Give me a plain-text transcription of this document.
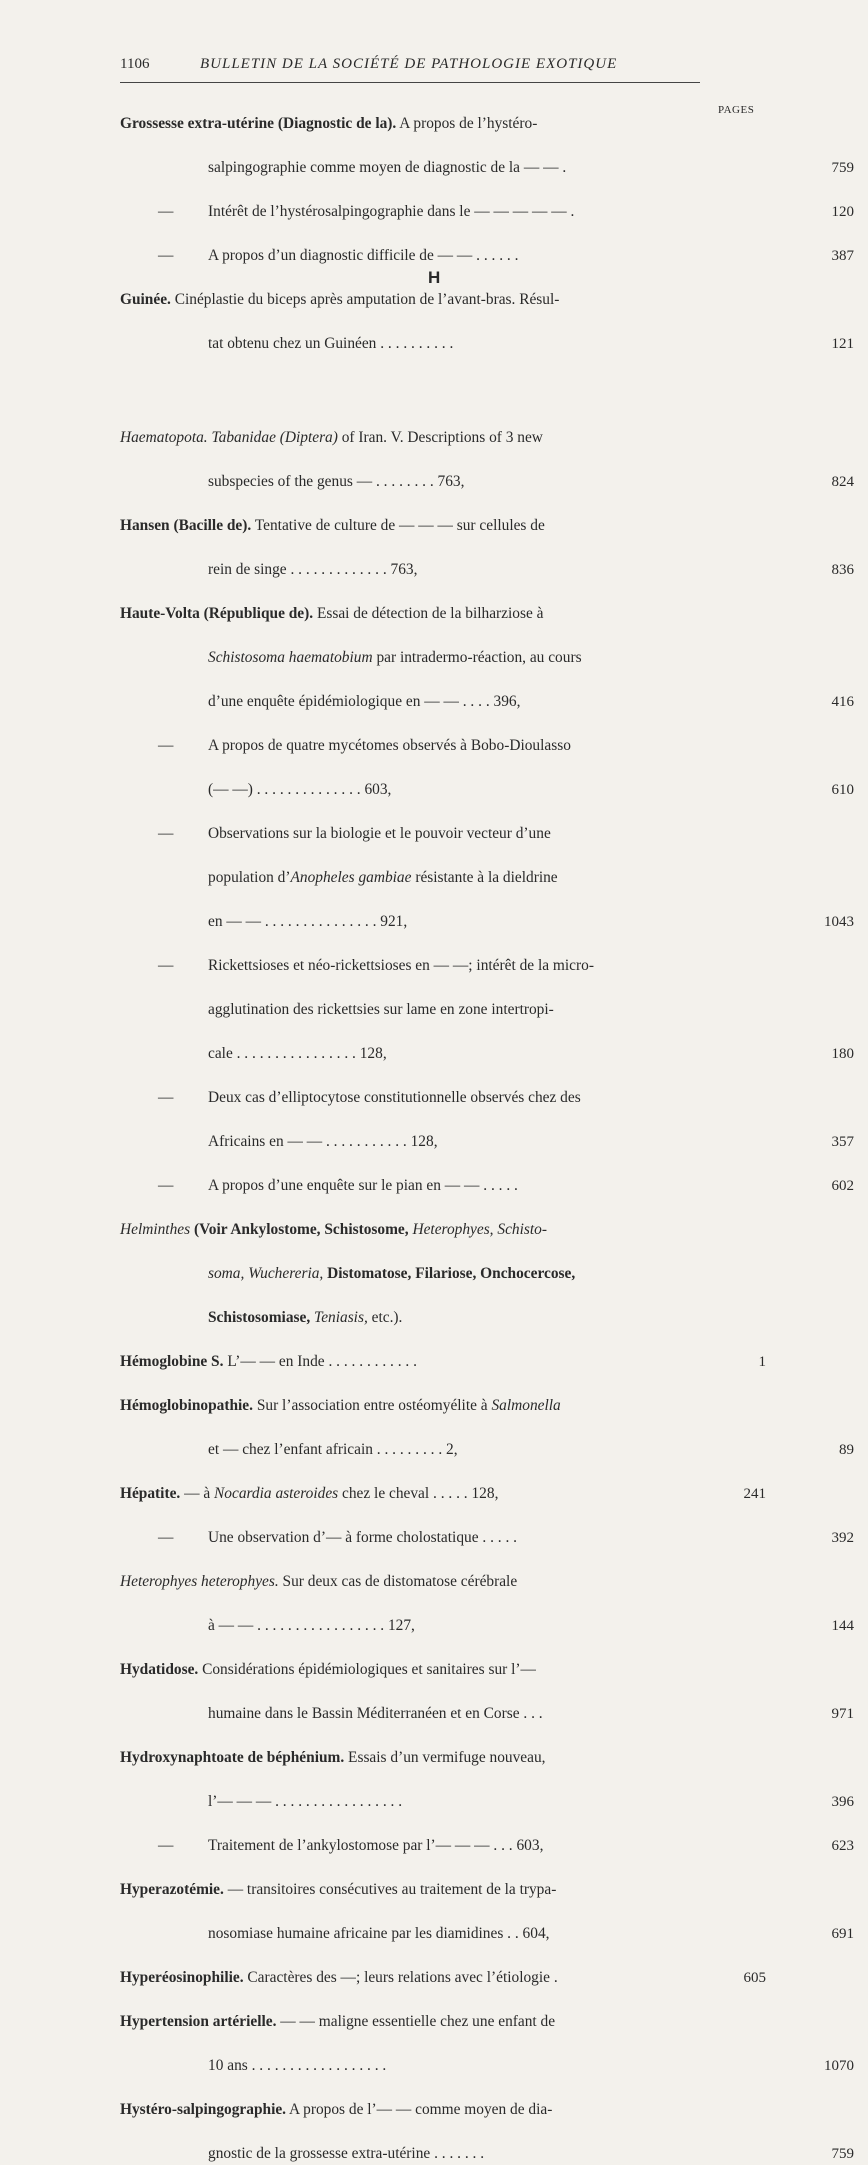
1106	BULLETIN DE LA SOCIÉTÉ DE PATHOLOGIE EXOTIQUE
PAGES
H
Grossesse extra-utérine (Diagnostic de la). A propos de l’hystéro-
salpingographie comme moyen de diagnostic de la — — .	759
— Intérêt de l’hystérosalpingographie dans le — — — — — .	120
— A propos d’un diagnostic difficile de — — . . . . . .	387
Guinée. Cinéplastie du biceps après amputation de l’avant-bras. Résul-
tat obtenu chez un Guinéen . . . . . . . . . .	121
Haematopota. Tabanidae (Diptera) of Iran. V. Descriptions of 3 new
subspecies of the genus — . . . . . . . . 763,	824
Hansen (Bacille de). Tentative de culture de — — — sur cellules de
rein de singe . . . . . . . . . . . . . 763,	836
Haute-Volta (République de). Essai de détection de la bilharziose à
Schistosoma haematobium par intradermo-réaction, au cours
d’une enquête épidémiologique en — — . . . . 396,	416
— A propos de quatre mycétomes observés à Bobo-Dioulasso
(— —) . . . . . . . . . . . . . . 603,	610
— Observations sur la biologie et le pouvoir vecteur d’une
population d’Anopheles gambiae résistante à la dieldrine
en — — . . . . . . . . . . . . . . . 921,	1043
— Rickettsioses et néo-rickettsioses en — —; intérêt de la micro-
agglutination des rickettsies sur lame en zone intertropi-
cale . . . . . . . . . . . . . . . . 128,	180
— Deux cas d’elliptocytose constitutionnelle observés chez des
Africains en — — . . . . . . . . . . . 128,	357
— A propos d’une enquête sur le pian en — — . . . . .	602
Helminthes (Voir Ankylostome, Schistosome, Heterophyes, Schisto-
soma, Wuchereria, Distomatose, Filariose, Onchocercose,
Schistosomiase, Teniasis, etc.).
Hémoglobine S. L’— — en Inde . . . . . . . . . . . .	1
Hémoglobinopathie. Sur l’association entre ostéomyélite à Salmonella
et — chez l’enfant africain . . . . . . . . . 2,	89
Hépatite. — à Nocardia asteroides chez le cheval . . . . . 128,	241
— Une observation d’— à forme cholostatique . . . . .	392
Heterophyes heterophyes. Sur deux cas de distomatose cérébrale
à — — . . . . . . . . . . . . . . . . . 127,	144
Hydatidose. Considérations épidémiologiques et sanitaires sur l’—
humaine dans le Bassin Méditerranéen et en Corse . . .	971
Hydroxynaphtoate de béphénium. Essais d’un vermifuge nouveau,
l’— — — . . . . . . . . . . . . . . . . .	396
— Traitement de l’ankylostomose par l’— — — . . . 603,	623
Hyperazotémie. — transitoires consécutives au traitement de la trypa-
nosomiase humaine africaine par les diamidines . . 604,	691
Hyperéosinophilie. Caractères des —; leurs relations avec l’étiologie .	605
Hypertension artérielle. — — maligne essentielle chez une enfant de
10 ans . . . . . . . . . . . . . . . . . .	1070
Hystéro-salpingographie. A propos de l’— — comme moyen de dia-
gnostic de la grossesse extra-utérine . . . . . . .	759
